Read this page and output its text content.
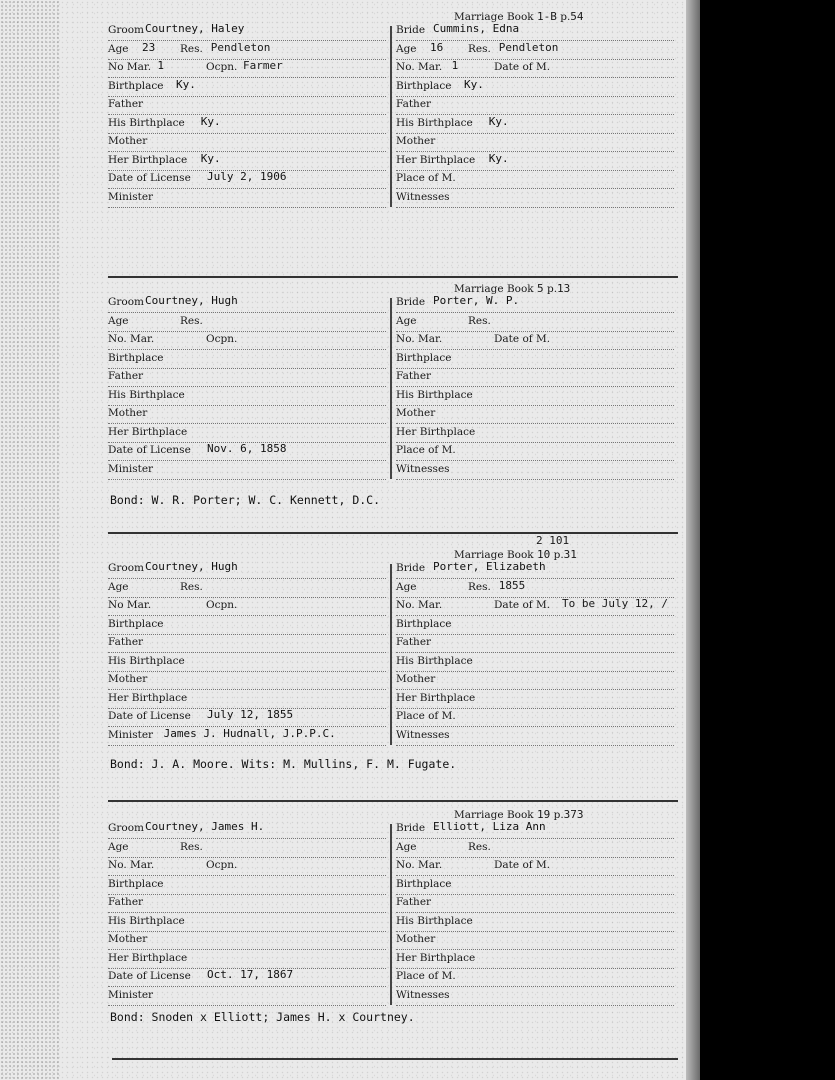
Marriage Book 1-B p.54
Groom Courtney, Haley
Age 23 Res. Pendleton
No Mar. 1	Ocpn. Farmer
Birthplace Ky.
Father
His Birthplace Ky.
Mother
Her Birthplace Ky.
Date of License July 2, 1906
Minister
Bride Cummins, Edna
Age 16 Res. Pendleton
No. Mar. 1	Date of M.
Birthplace Ky.
Father
His Birthplace Ky.
Mother
Her Birthplace Ky.
Place of M.
Witnesses
Marriage Book 5 p.13
Groom Courtney, Hugh
Age	Res.
No. Mar.	Ocpn.
Birthplace
Father
His Birthplace
Mother
Her Birthplace
Date of License Nov. 6, 1858
Minister
Bride Porter, W. P.
Age	Res.
No. Mar.	Date of M.
Birthplace
Father
His Birthplace
Mother
Her Birthplace
Place of M.
Witnesses
Bond: W. R. Porter; W. C. Kennett, D.C.
Marriage Book 10 p.31
2 101
Groom Courtney, Hugh
Age	Res.
No Mar.	Ocpn.
Birthplace
Father
His Birthplace
Mother
Her Birthplace
Date of License July 12, 1855
Minister James J. Hudnall, J.P.P.C.
Bride Porter, Elizabeth
Age	Res. 1855
No. Mar.	Date of M. To be July 12, /
Birthplace
Father
His Birthplace
Mother
Her Birthplace
Place of M.
Witnesses
Bond: J. A. Moore. Wits: M. Mullins, F. M. Fugate.
Marriage Book 19 p.373
Groom Courtney, James H.
Age	Res.
No. Mar.	Ocpn.
Birthplace
Father
His Birthplace
Mother
Her Birthplace
Date of License Oct. 17, 1867
Minister
Bride Elliott, Liza Ann
Age	Res.
No. Mar.	Date of M.
Birthplace
Father
His Birthplace
Mother
Her Birthplace
Place of M.
Witnesses
Bond: Snoden x Elliott; James H. x Courtney.
